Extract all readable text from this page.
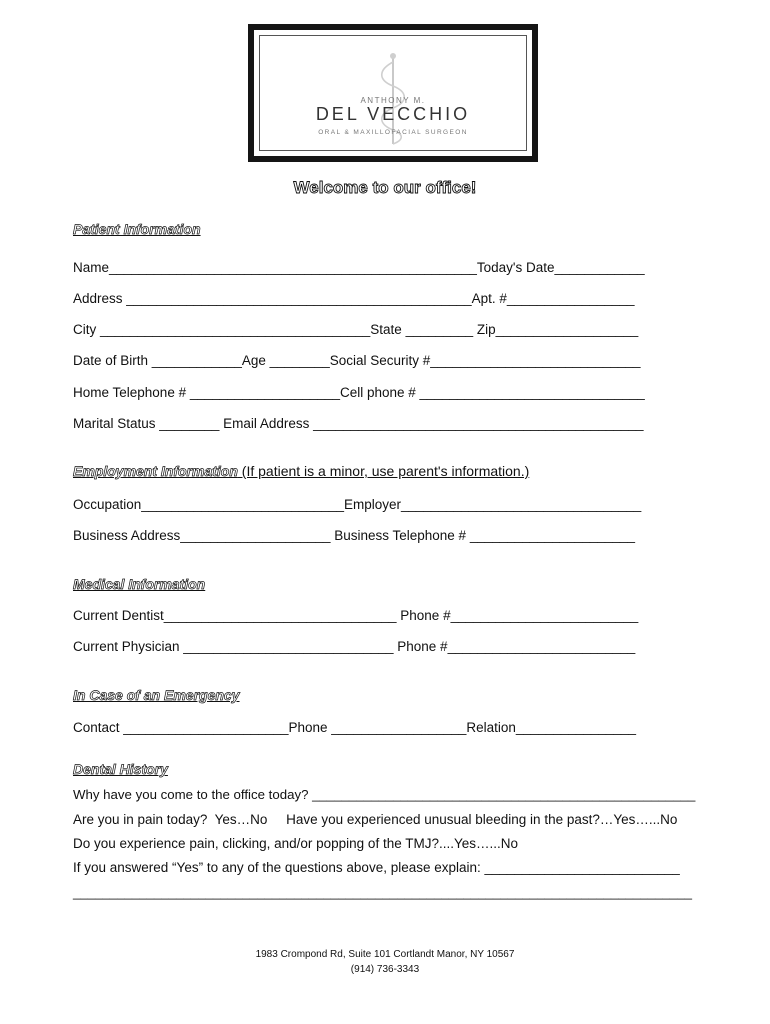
ANTHONY M.
DEL VECCHIO
ORAL & MAXILLOFACIAL SURGEON
Welcome to our office!
Patient Information
Name_________________________________________________Today's Date____________
Address ______________________________________________Apt. #_________________
City ____________________________________State _________ Zip___________________
Date of Birth ____________Age ________Social Security #____________________________
Home Telephone # ____________________Cell phone # ______________________________
Marital Status ________ Email Address ____________________________________________
Employment Information (If patient is a minor, use parent's information.)
Occupation___________________________Employer________________________________
Business Address____________________ Business Telephone # ______________________
Medical Information
Current Dentist_______________________________ Phone #_________________________
Current Physician ____________________________ Phone #_________________________
In Case of an Emergency
Contact ______________________Phone __________________Relation________________
Dental History
Why have you come to the office today? ____________________________________________________
Are you in pain today?  Yes…No     Have you experienced unusual bleeding in the past?…Yes…...No
Do you experience pain, clicking, and/or popping of the TMJ?....Yes…...No
If you answered “Yes” to any of the questions above, please explain: __________________________
____________________________________________________________________________________
1983 Crompond Rd, Suite 101 Cortlandt Manor, NY 10567
(914) 736-3343
